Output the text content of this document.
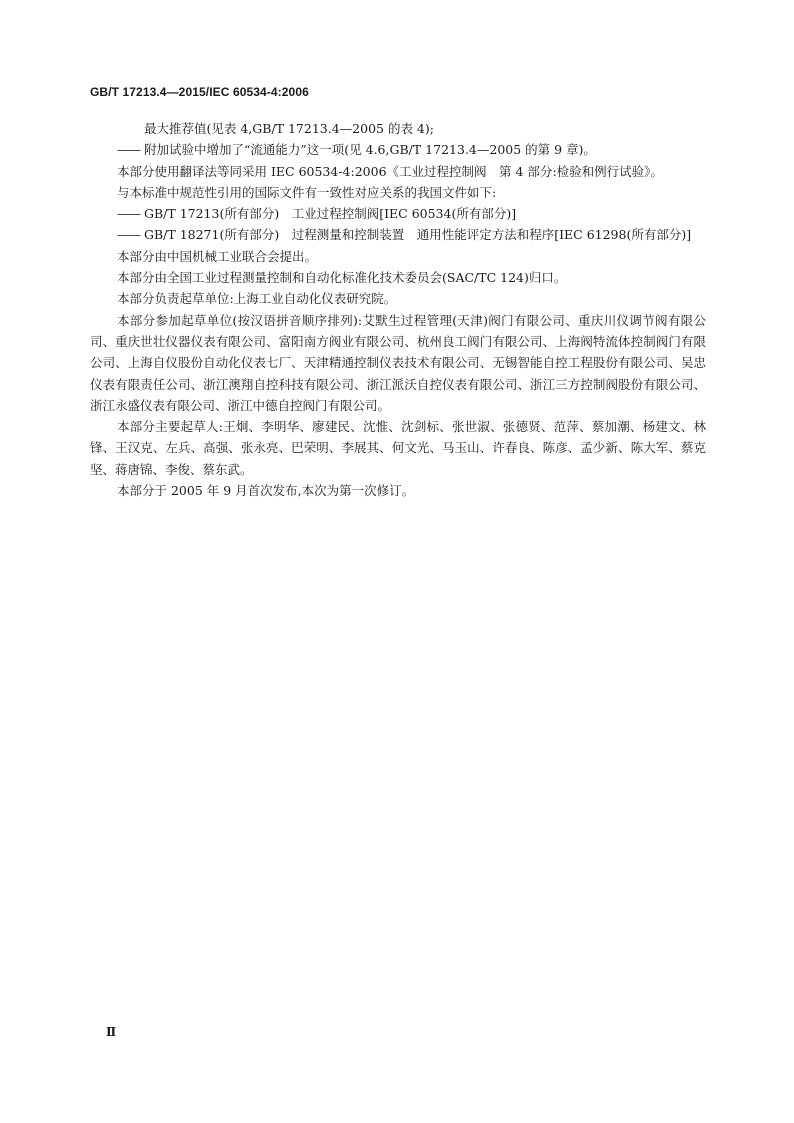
GB/T 17213.4—2015/IEC 60534-4:2006

最大推荐值(见表 4,GB/T 17213.4—2005 的表 4);

—— 附加试验中增加了“流通能力”这一项(见 4.6,GB/T 17213.4—2005 的第 9 章)。

本部分使用翻译法等同采用 IEC 60534-4:2006《工业过程控制阀　第 4 部分:检验和例行试验》。

与本标准中规范性引用的国际文件有一致性对应关系的我国文件如下:

—— GB/T 17213(所有部分)　工业过程控制阀[IEC 60534(所有部分)]

—— GB/T 18271(所有部分)　过程测量和控制装置　通用性能评定方法和程序[IEC 61298(所有部分)]

本部分由中国机械工业联合会提出。

本部分由全国工业过程测量控制和自动化标准化技术委员会(SAC/TC 124)归口。

本部分负责起草单位:上海工业自动化仪表研究院。

本部分参加起草单位(按汉语拼音顺序排列):艾默生过程管理(天津)阀门有限公司、重庆川仪调节阀有限公司、重庆世壮仪器仪表有限公司、富阳南方阀业有限公司、杭州良工阀门有限公司、上海阀特流体控制阀门有限公司、上海自仪股份自动化仪表七厂、天津精通控制仪表技术有限公司、无锡智能自控工程股份有限公司、吴忠仪表有限责任公司、浙江澳翔自控科技有限公司、浙江派沃自控仪表有限公司、浙江三方控制阀股份有限公司、浙江永盛仪表有限公司、浙江中德自控阀门有限公司。

本部分主要起草人:王炯、李明华、廖建民、沈惟、沈剑标、张世淑、张德贤、范萍、蔡加潮、杨建文、林锋、王汉克、左兵、高强、张永亮、巴荣明、李展其、何文光、马玉山、许春良、陈彦、孟少新、陈大军、蔡克坚、蒋唐锦、李俊、蔡东武。

本部分于 2005 年 9 月首次发布,本次为第一次修订。

Ⅱ
